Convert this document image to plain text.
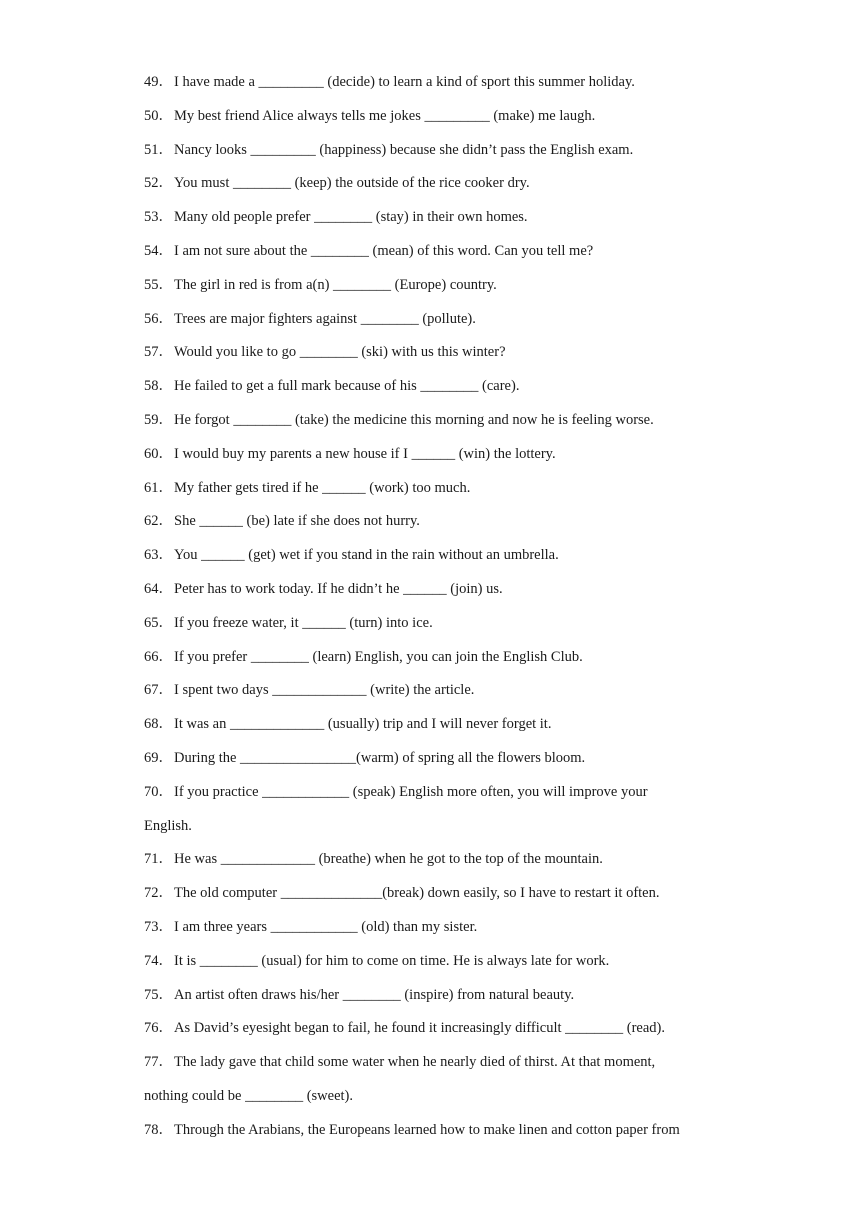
49．I have made a _________ (decide) to learn a kind of sport this summer holiday.
50．My best friend Alice always tells me jokes _________ (make) me laugh.
51．Nancy looks _________ (happiness) because she didn’t pass the English exam.
52．You must ________ (keep) the outside of the rice cooker dry.
53．Many old people prefer ________ (stay) in their own homes.
54．I am not sure about the ________ (mean) of this word. Can you tell me?
55．The girl in red is from a(n) ________ (Europe) country.
56．Trees are major fighters against ________ (pollute).
57．Would you like to go ________ (ski) with us this winter?
58．He failed to get a full mark because of his ________ (care).
59．He forgot ________ (take) the medicine this morning and now he is feeling worse.
60．I would buy my parents a new house if I ______ (win) the lottery.
61．My father gets tired if he ______ (work) too much.
62．She ______ (be) late if she does not hurry.
63．You ______ (get) wet if you stand in the rain without an umbrella.
64．Peter has to work today. If he didn’t he ______ (join) us.
65．If you freeze water, it ______ (turn) into ice.
66．If you prefer ________ (learn) English, you can join the English Club.
67．I spent two days _____________ (write) the article.
68．It was an _____________ (usually) trip and I will never forget it.
69．During the ________________(warm) of spring all the flowers bloom.
70．If you practice ____________ (speak) English more often, you will improve your
English.
71．He was _____________ (breathe) when he got to the top of the mountain.
72．The old computer ______________(break) down easily, so I have to restart it often.
73．I am three years ____________ (old) than my sister.
74．It is ________ (usual) for him to come on time. He is always late for work.
75．An artist often draws his/her ________ (inspire) from natural beauty.
76．As David’s eyesight began to fail, he found it increasingly difficult ________ (read).
77．The lady gave that child some water when he nearly died of thirst. At that moment,
nothing could be ________ (sweet).
78．Through the Arabians, the Europeans learned how to make linen and cotton paper from
